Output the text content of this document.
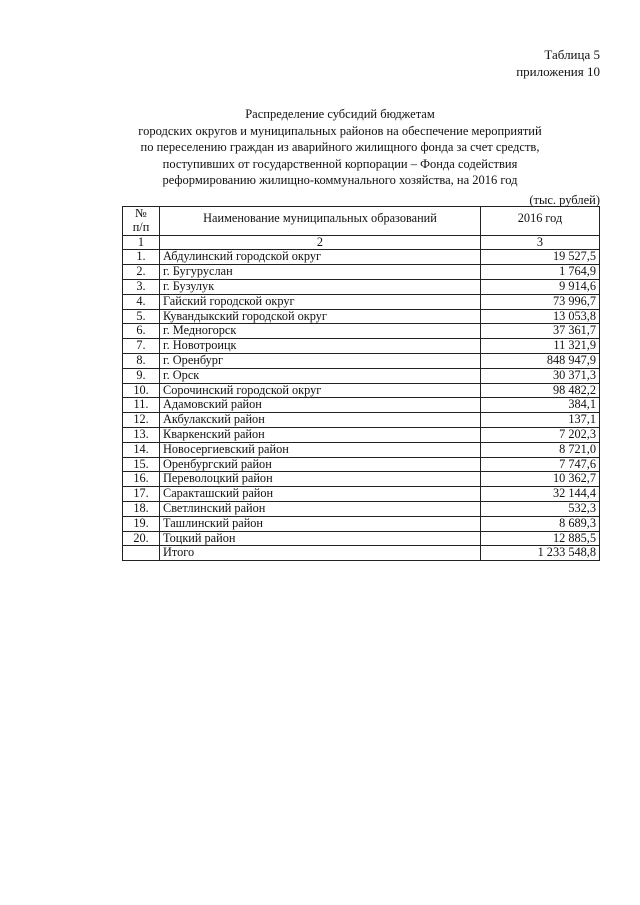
Таблица 5
приложения 10
Распределение субсидий бюджетам
городских округов и муниципальных районов на обеспечение мероприятий
по переселению граждан из аварийного жилищного фонда за счет средств,
поступивших от государственной корпорации – Фонда содействия
реформированию жилищно-коммунального хозяйства, на 2016 год
(тыс. рублей)
№
п/п	Наименование муниципальных образований	2016 год
1	2	3
1.	Абдулинский городской округ	19 527,5
2.	г. Бугуруслан	1 764,9
3.	г. Бузулук	9 914,6
4.	Гайский городской округ	73 996,7
5.	Кувандыкский городской округ	13 053,8
6.	г. Медногорск	37 361,7
7.	г. Новотроицк	11 321,9
8.	г. Оренбург	848 947,9
9.	г. Орск	30 371,3
10.	Сорочинский городской округ	98 482,2
11.	Адамовский район	384,1
12.	Акбулакский район	137,1
13.	Кваркенский район	7 202,3
14.	Новосергиевский район	8 721,0
15.	Оренбургский район	7 747,6
16.	Переволоцкий район	10 362,7
17.	Саракташский район	32 144,4
18.	Светлинский район	532,3
19.	Ташлинский район	8 689,3
20.	Тоцкий район	12 885,5
	Итого	1 233 548,8
